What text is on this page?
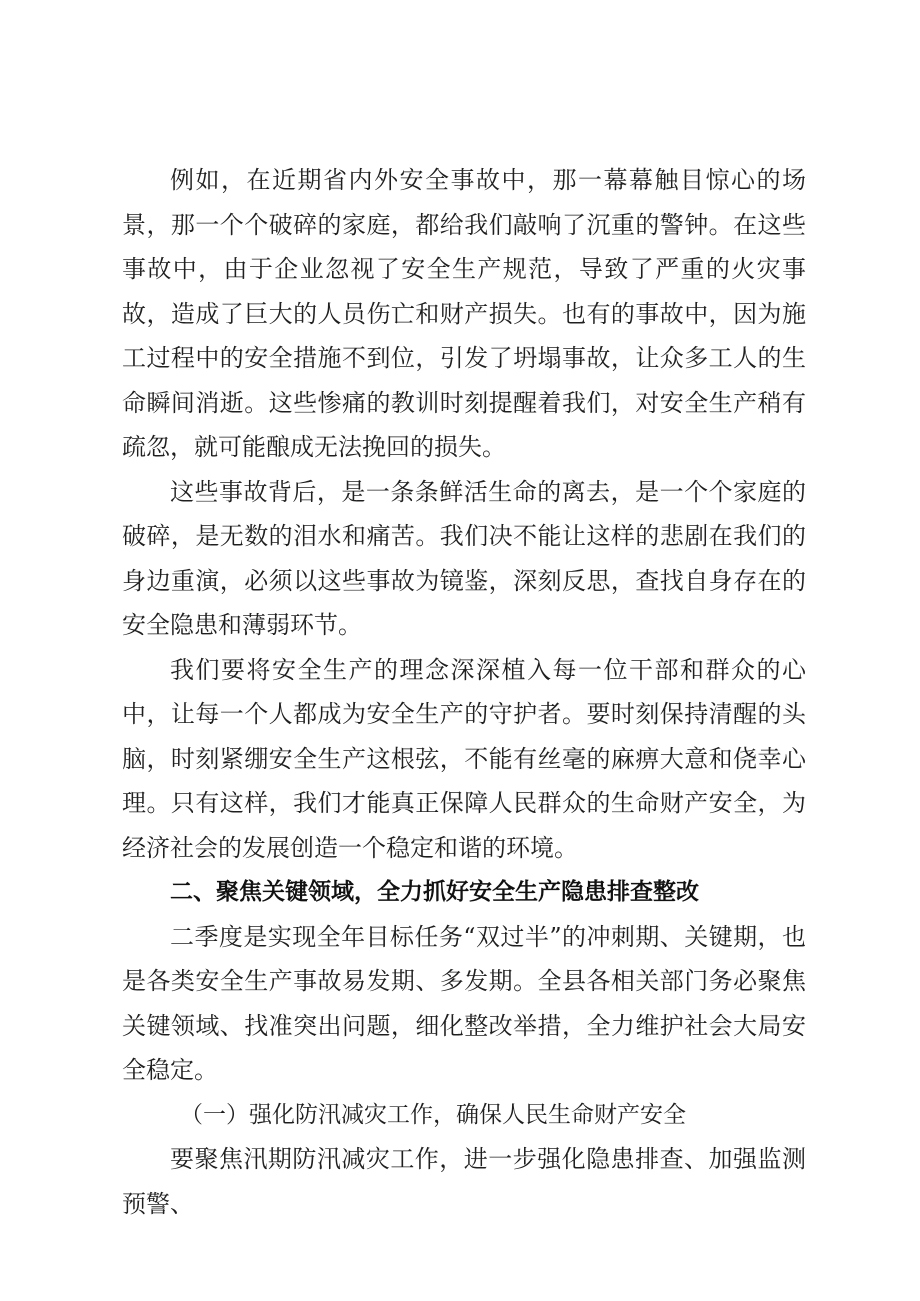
例如，在近期省内外安全事故中，那一幕幕触目惊心的场景，那一个个破碎的家庭，都给我们敲响了沉重的警钟。在这些事故中，由于企业忽视了安全生产规范，导致了严重的火灾事故，造成了巨大的人员伤亡和财产损失。也有的事故中，因为施工过程中的安全措施不到位，引发了坍塌事故，让众多工人的生命瞬间消逝。这些惨痛的教训时刻提醒着我们，对安全生产稍有疏忽，就可能酿成无法挽回的损失。

这些事故背后，是一条条鲜活生命的离去，是一个个家庭的破碎，是无数的泪水和痛苦。我们决不能让这样的悲剧在我们的身边重演，必须以这些事故为镜鉴，深刻反思，查找自身存在的安全隐患和薄弱环节。

我们要将安全生产的理念深深植入每一位干部和群众的心中，让每一个人都成为安全生产的守护者。要时刻保持清醒的头脑，时刻紧绷安全生产这根弦，不能有丝毫的麻痹大意和侥幸心理。只有这样，我们才能真正保障人民群众的生命财产安全，为经济社会的发展创造一个稳定和谐的环境。

二、聚焦关键领域，全力抓好安全生产隐患排查整改

二季度是实现全年目标任务“双过半”的冲刺期、关键期，也是各类安全生产事故易发期、多发期。全县各相关部门务必聚焦关键领域、找准突出问题，细化整改举措，全力维护社会大局安全稳定。

（一）强化防汛减灾工作，确保人民生命财产安全

要聚焦汛期防汛减灾工作，进一步强化隐患排查、加强监测预警、
